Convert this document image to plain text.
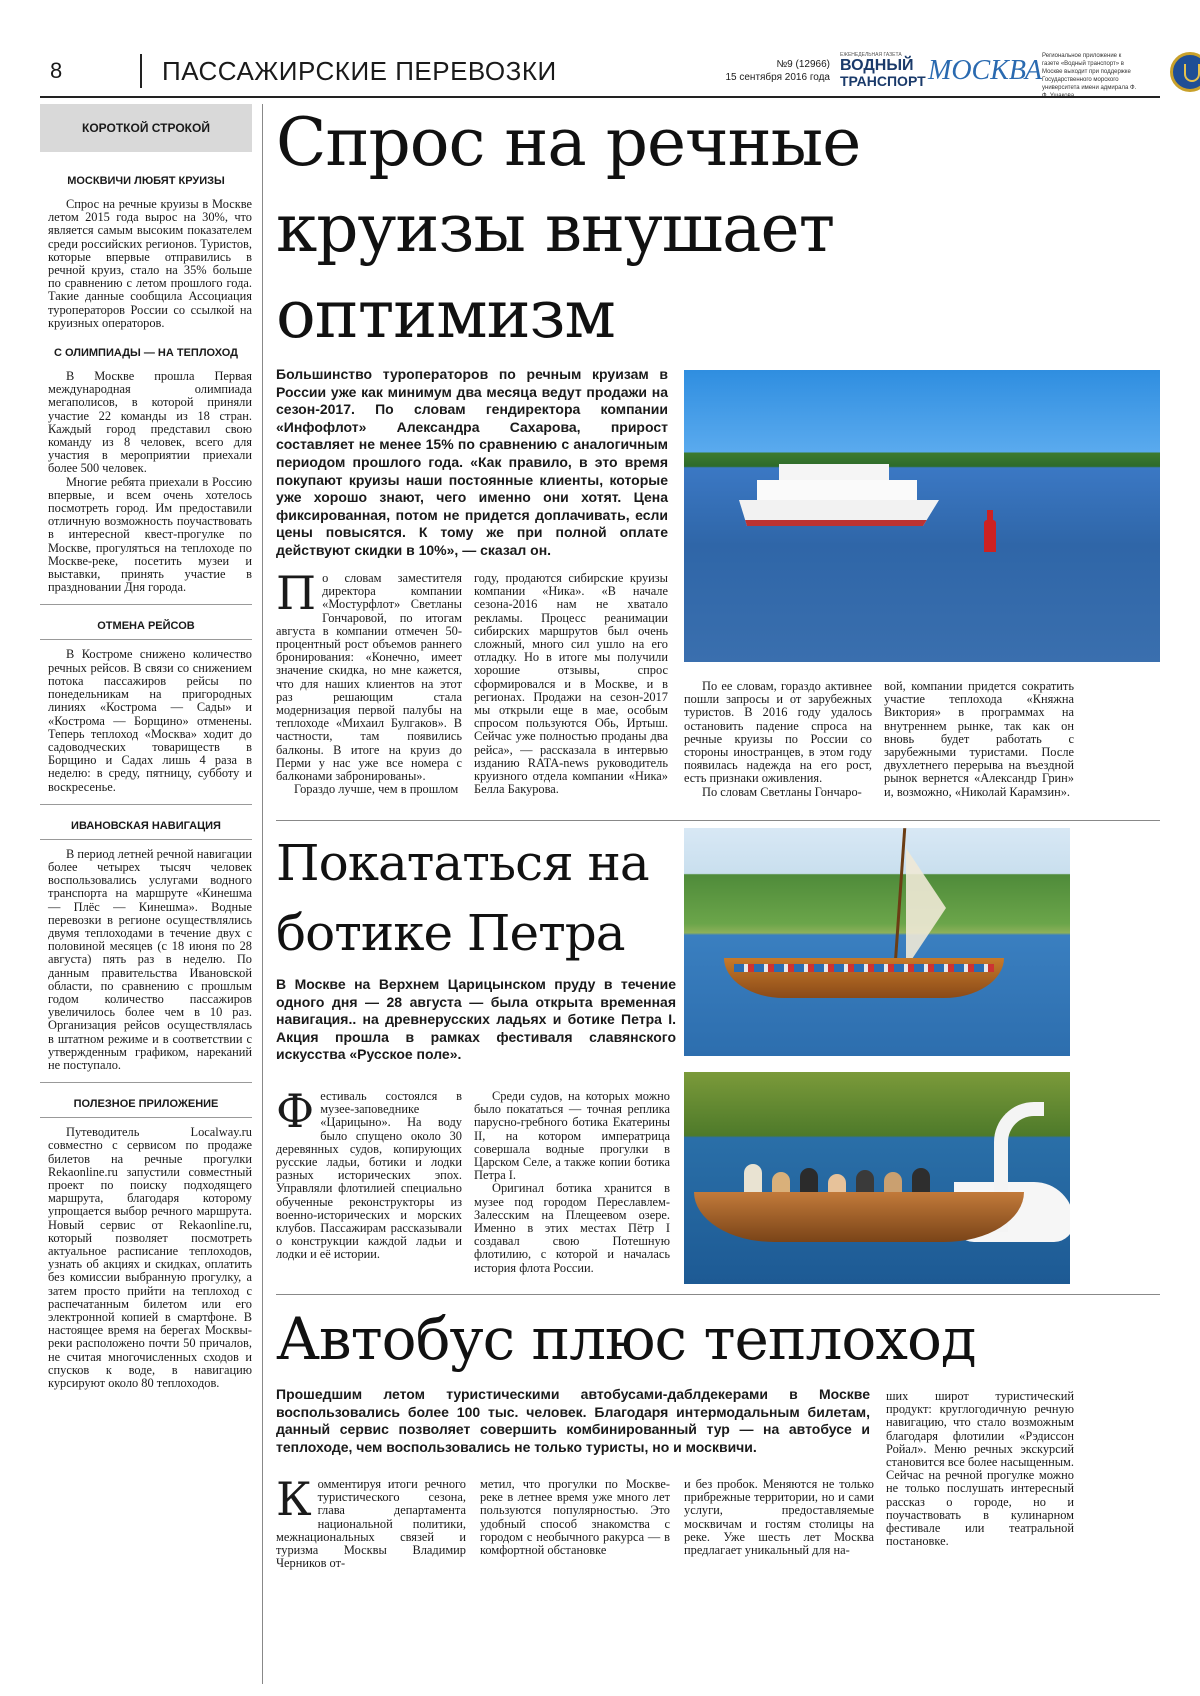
8	ПАССАЖИРСКИЕ ПЕРЕВОЗКИ	№9 (12966)
15 сентября 2016 года
ЕЖЕНЕДЕЛЬНАЯ ГАЗЕТА
ВОДНЫЙ
ТРАНСПОРТ МОСКВА Региональное приложение к газете «Водный транспорт» в Москве выходит при поддержке Государственного морского университета имени адмирала Ф.
КОРОТКОЙ СТРОКОЙ
МОСКВИЧИ ЛЮБЯТ КРУИЗЫ

Спрос на речные круизы в Москве летом 2015 года вырос на 30%, что является самым высоким показателем среди российских регионов. Туристов, которые впервые отправились в речной круиз, стало на 35% больше по сравнению с летом прошлого года. Такие данные сообщила Ассоциация туроператоров России со ссылкой на круизных операторов.

С ОЛИМПИАДЫ — НА ТЕПЛОХОД

В Москве прошла Первая международная олимпиада мегаполисов, в которой приняли участие 22 команды из 18 стран. Каждый город представил свою команду из 8 человек, всего для участия в мероприятии приехали более 500 человек.

Многие ребята приехали в Россию впервые, и всем очень хотелось посмотреть город. Им предоставили отличную возможность поучаствовать в интересной квест-прогулке по Москве, прогуляться на теплоходе по Москве-реке, посетить музеи и выставки, принять участие в праздновании Дня города.

ОТМЕНА РЕЙСОВ

В Костроме снижено количество речных рейсов. В связи со снижением потока пассажиров рейсы по понедельникам на пригородных линиях «Кострома — Сады» и «Кострома — Борщино» отменены. Теперь теплоход «Москва» ходит до садоводческих товариществ в Борщино и Садах лишь 4 раза в неделю: в среду, пятницу, субботу и воскресенье.

ИВАНОВСКАЯ НАВИГАЦИЯ

В период летней речной навигации более четырех тысяч человек воспользовались услугами водного транспорта на маршруте «Кинешма — Плёс — Кинешма». Водные перевозки в регионе осуществлялись двумя теплоходами в течение двух с половиной месяцев (с 18 июня по 28 августа) пять раз в неделю. По данным правительства Ивановской области, по сравнению с прошлым годом количество пассажиров увеличилось более чем в 10 раз. Организация рейсов осуществлялась в штатном режиме и в соответствии с утвержденным графиком, нареканий не поступало.

ПОЛЕЗНОЕ ПРИЛОЖЕНИЕ

Путеводитель Localway.ru совместно с сервисом по продаже билетов на речные прогулки Rekaonline.ru запустили совместный проект по поиску подходящего маршрута, благодаря которому упрощается выбор речного маршрута. Новый сервис от Rekaonline.ru, который позволяет посмотреть актуальное расписание теплоходов, узнать об акциях и скидках, оплатить без комиссии выбранную прогулку, а затем просто прийти на теплоход с распечатанным билетом или его электронной копией в смартфоне. В настоящее время на берегах Москвы-реки расположено почти 50 причалов, не считая многочисленных сходов и спусков к воде, в навигацию курсируют около 80 теплоходов.

Спрос на речные круизы внушает оптимизм

Большинство туроператоров по речным круизам в России уже как минимум два месяца ведут продажи на сезон-2017. По словам гендиректора компании «Инфофлот» Александра Сахарова, прирост составляет не менее 15% по сравнению с аналогичным периодом прошлого года. «Как правило, в это время покупают круизы наши постоянные клиенты, которые уже хорошо знают, чего именно они хотят. Цена фиксированная, потом не придется доплачивать, если цены повысятся. К тому же при полной оплате действуют скидки в 10%», — сказал он.

П о словам заместителя директора компании «Мостурфлот» Светланы Гончаровой, по итогам августа в компании отмечен 50-процентный рост объемов раннего бронирования: «Конечно, имеет значение скидка, но мне кажется, что для наших клиентов на этот раз решающим стала модернизация первой палубы на теплоходе «Михаил Булгаков». В частности, там появились балконы. В итоге на круиз до Перми у нас уже все номера с балконами забронированы».

Гораздо лучше, чем в прошлом

году, продаются сибирские круизы компании «Ника». «В начале сезона-2016 нам не хватало рекламы. Процесс реанимации сибирских маршрутов был очень сложный, много сил ушло на его отладку. Но в итоге мы получили хорошие отзывы, спрос сформировался и в Москве, и в регионах. Продажи на сезон-2017 мы открыли еще в мае, особым спросом пользуются Обь, Иртыш. Сейчас уже полностью проданы два рейса», — рассказала в интервью изданию RATA-news руководитель круизного отдела компании «Ника» Белла Бакурова.

По ее словам, гораздо активнее пошли запросы и от зарубежных туристов. В 2016 году удалось остановить падение спроса на речные круизы по России со стороны иностранцев, в этом году появилась надежда на его рост, есть признаки оживления.

По словам Светланы Гончаро-

вой, компании придется сократить участие теплохода «Княжна Виктория» в программах на внутреннем рынке, так как он вновь будет работать с зарубежными туристами. После двухлетнего перерыва на въездной рынок вернется «Александр Грин» и, возможно, «Николай Карамзин».

Покататься на ботике Петра

В Москве на Верхнем Царицынском пруду в течение одного дня — 28 августа — была открыта временная навигация.. на древнерусских ладьях и ботике Петра I. Акция прошла в рамках фестиваля славянского искусства «Русское поле».

Ф естиваль состоялся в музее-заповеднике «Царицыно». На воду было спущено около 30 деревянных судов, копирующих русские ладьи, ботики и лодки разных исторических эпох. Управляли флотилией специально обученные реконструкторы из военно-исторических и морских клубов. Пассажирам рассказывали о конструкции каждой ладьи и лодки и её истории.

Среди судов, на которых можно было покататься — точная реплика парусно-гребного ботика Екатерины II, на котором императрица совершала водные прогулки в Царском Селе, а также копии ботика Петра I.

Оригинал ботика хранится в музее под городом Переславлем-Залесским на Плещеевом озере. Именно в этих местах Пётр I создавал свою Потешную флотилию, с которой и началась история флота России.

Автобус плюс теплоход

Прошедшим летом туристическими автобусами-даблдекерами в Москве воспользовались более 100 тыс. человек. Благодаря интермодальным билетам, данный сервис позволяет совершить комбинированный тур — на автобусе и теплоходе, чем воспользовались не только туристы, но и москвичи.

К омментируя итоги речного туристического сезона, глава департамента национальной политики, межнациональных связей и туризма Москвы Владимир Черников от-

метил, что прогулки по Москве-реке в летнее время уже много лет пользуются популярностью. Это удобный способ знакомства с городом с необычного ракурса — в комфортной обстановке

и без пробок. Меняются не только прибрежные территории, но и сами услуги, предоставляемые москвичам и гостям столицы на реке. Уже шесть лет Москва предлагает уникальный для на-

ших широт туристический продукт: круглогодичную речную навигацию, что стало возможным благодаря флотилии «Рэдиссон Ройал». Меню речных экскурсий становится все более насыщенным. Сейчас на речной прогулке можно не только послушать интересный рассказ о городе, но и поучаствовать в кулинарном фестивале или театральной постановке.
